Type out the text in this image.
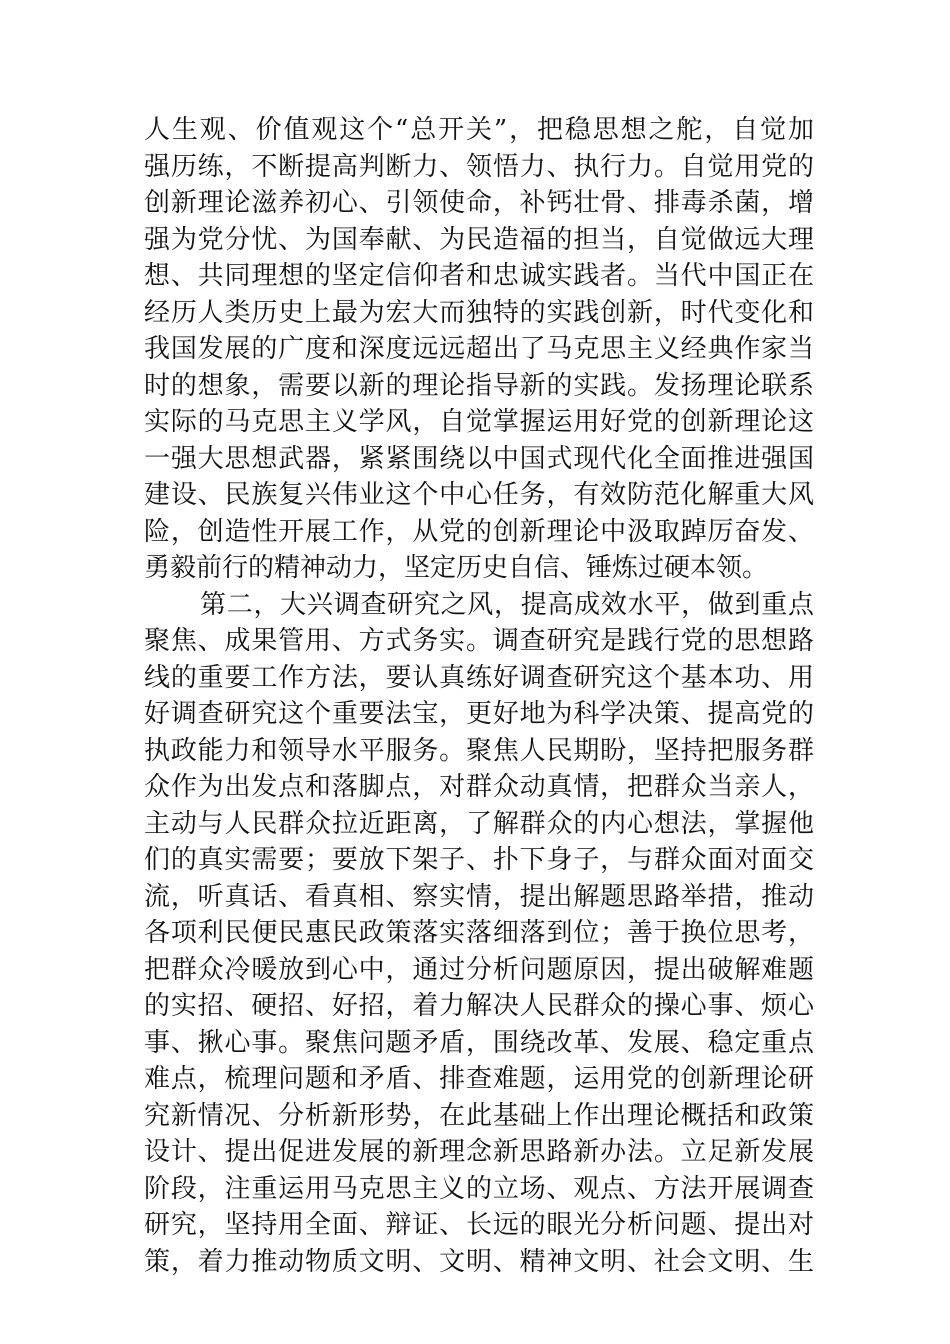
人生观、价值观这个“总开关”，把稳思想之舵，自觉加
强历练，不断提高判断力、领悟力、执行力。自觉用党的
创新理论滋养初心、引领使命，补钙壮骨、排毒杀菌，增
强为党分忧、为国奉献、为民造福的担当，自觉做远大理
想、共同理想的坚定信仰者和忠诚实践者。当代中国正在
经历人类历史上最为宏大而独特的实践创新，时代变化和
我国发展的广度和深度远远超出了马克思主义经典作家当
时的想象，需要以新的理论指导新的实践。发扬理论联系
实际的马克思主义学风，自觉掌握运用好党的创新理论这
一强大思想武器，紧紧围绕以中国式现代化全面推进强国
建设、民族复兴伟业这个中心任务，有效防范化解重大风
险，创造性开展工作，从党的创新理论中汲取踔厉奋发、
勇毅前行的精神动力，坚定历史自信、锤炼过硬本领。
第二，大兴调查研究之风，提高成效水平，做到重点
聚焦、成果管用、方式务实。调查研究是践行党的思想路
线的重要工作方法，要认真练好调查研究这个基本功、用
好调查研究这个重要法宝，更好地为科学决策、提高党的
执政能力和领导水平服务。聚焦人民期盼，坚持把服务群
众作为出发点和落脚点，对群众动真情，把群众当亲人，
主动与人民群众拉近距离，了解群众的内心想法，掌握他
们的真实需要；要放下架子、扑下身子，与群众面对面交
流，听真话、看真相、察实情，提出解题思路举措，推动
各项利民便民惠民政策落实落细落到位；善于换位思考，
把群众冷暖放到心中，通过分析问题原因，提出破解难题
的实招、硬招、好招，着力解决人民群众的操心事、烦心
事、揪心事。聚焦问题矛盾，围绕改革、发展、稳定重点
难点，梳理问题和矛盾、排查难题，运用党的创新理论研
究新情况、分析新形势，在此基础上作出理论概括和政策
设计、提出促进发展的新理念新思路新办法。立足新发展
阶段，注重运用马克思主义的立场、观点、方法开展调查
研究，坚持用全面、辩证、长远的眼光分析问题、提出对
策，着力推动物质文明、文明、精神文明、社会文明、生
